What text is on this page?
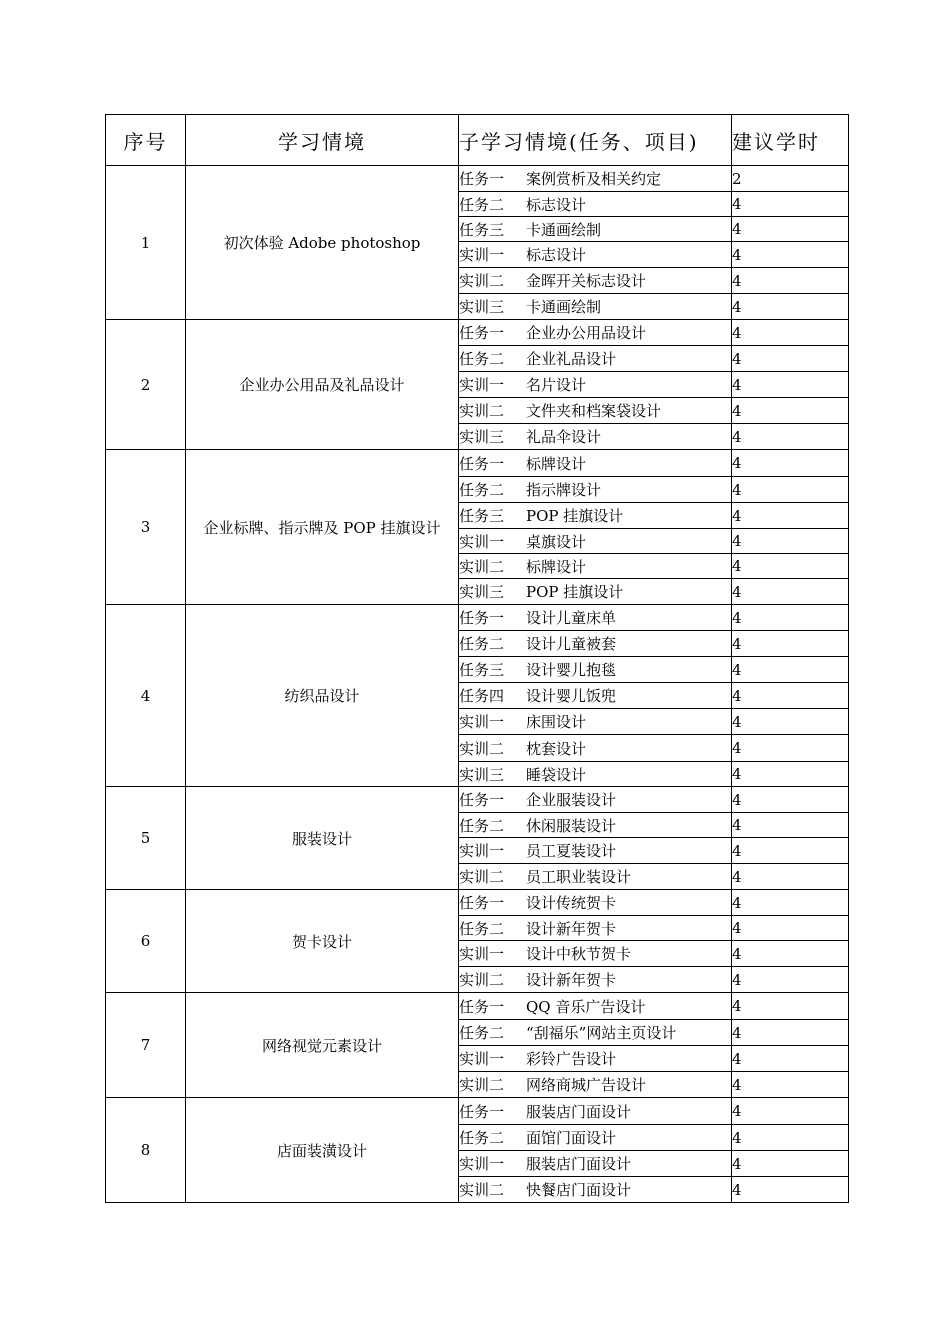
序号	学习情境	子学习情境(任务、项目)	建议学时
1	初次体验 Adobe photoshop	任务一 案例赏析及相关约定	2
		任务二 标志设计	4
		任务三 卡通画绘制	4
		实训一 标志设计	4
		实训二 金晖开关标志设计	4
		实训三 卡通画绘制	4
2	企业办公用品及礼品设计	任务一 企业办公用品设计	4
		任务二 企业礼品设计	4
		实训一 名片设计	4
		实训二 文件夹和档案袋设计	4
		实训三 礼品伞设计	4
3	企业标牌、指示牌及 POP 挂旗设计	任务一 标牌设计	4
		任务二 指示牌设计	4
		任务三 POP 挂旗设计	4
		实训一 桌旗设计	4
		实训二 标牌设计	4
		实训三 POP 挂旗设计	4
4	纺织品设计	任务一 设计儿童床单	4
		任务二 设计儿童被套	4
		任务三 设计婴儿抱毯	4
		任务四 设计婴儿饭兜	4
		实训一 床围设计	4
		实训二 枕套设计	4
		实训三 睡袋设计	4
5	服装设计	任务一 企业服装设计	4
		任务二 休闲服装设计	4
		实训一 员工夏装设计	4
		实训二 员工职业装设计	4
6	贺卡设计	任务一 设计传统贺卡	4
		任务二 设计新年贺卡	4
		实训一 设计中秋节贺卡	4
		实训二 设计新年贺卡	4
7	网络视觉元素设计	任务一 QQ 音乐广告设计	4
		任务二 “刮福乐”网站主页设计	4
		实训一 彩铃广告设计	4
		实训二 网络商城广告设计	4
8	店面装潢设计	任务一 服装店门面设计	4
		任务二 面馆门面设计	4
		实训一 服装店门面设计	4
		实训二 快餐店门面设计	4
